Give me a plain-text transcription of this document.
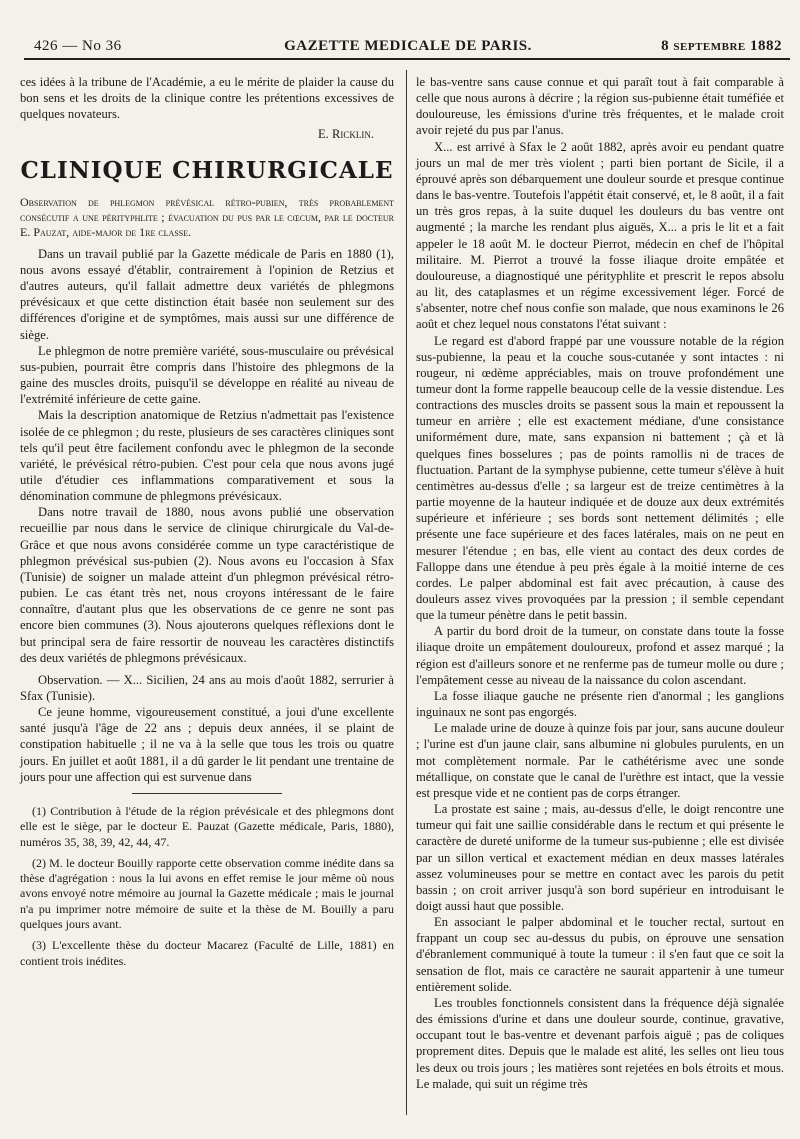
426 — No 36	GAZETTE MEDICALE DE PARIS.	8 septembre 1882

ces idées à la tribune de l'Académie, a eu le mérite de plaider la cause du bon sens et les droits de la clinique contre les prétentions excessives de quelques novateurs.

E. Ricklin.

CLINIQUE CHIRURGICALE

Observation de phlegmon prévésical rétro-pubien, très probablement consécutif a une pérityphlite ; évacuation du pus par le cœcum, par le docteur E. Pauzat, aide-major de 1re classe.

Dans un travail publié par la Gazette médicale de Paris en 1880 (1), nous avons essayé d'établir, contrairement à l'opinion de Retzius et d'autres auteurs, qu'il fallait admettre deux variétés de phlegmons prévésicaux et que cette distinction était basée non seulement sur des différences d'origine et de symptômes, mais aussi sur une différence de siège.

Le phlegmon de notre première variété, sous-musculaire ou prévésical sus-pubien, pourrait être compris dans l'histoire des phlegmons de la gaine des muscles droits, puisqu'il se développe en réalité au niveau de l'extrémité inférieure de cette gaine.

Mais la description anatomique de Retzius n'admettait pas l'existence isolée de ce phlegmon ; du reste, plusieurs de ses caractères cliniques sont tels qu'il peut être facilement confondu avec le phlegmon de la seconde variété, le prévésical rétro-pubien. C'est pour cela que nous avons jugé utile d'étudier ces inflammations comparativement et sous la dénomination commune de phlegmons prévésicaux.

Dans notre travail de 1880, nous avons publié une observation recueillie par nous dans le service de clinique chirurgicale du Val-de-Grâce et que nous avons considérée comme un type caractéristique de phlegmon prévésical sus-pubien (2). Nous avons eu l'occasion à Sfax (Tunisie) de soigner un malade atteint d'un phlegmon prévésical rétro-pubien. Le cas étant très net, nous croyons intéressant de le faire connaître, d'autant plus que les observations de ce genre ne sont pas encore bien communes (3). Nous ajouterons quelques réflexions dont le but principal sera de faire ressortir de nouveau les caractères distinctifs des deux variétés de phlegmons prévésicaux.

Observation. — X... Sicilien, 24 ans au mois d'août 1882, serrurier à Sfax (Tunisie).

Ce jeune homme, vigoureusement constitué, a joui d'une excellente santé jusqu'à l'âge de 22 ans ; depuis deux années, il se plaint de constipation habituelle ; il ne va à la selle que tous les trois ou quatre jours. En juillet et août 1881, il a dû garder le lit pendant une trentaine de jours pour une affection qui est survenue dans

(1) Contribution à l'étude de la région prévésicale et des phlegmons dont elle est le siège, par le docteur E. Pauzat (Gazette médicale, Paris, 1880), numéros 35, 38, 39, 42, 44, 47.

(2) M. le docteur Bouilly rapporte cette observation comme inédite dans sa thèse d'agrégation : nous la lui avons en effet remise le jour même où nous avons envoyé notre mémoire au journal la Gazette médicale ; mais le journal n'a pu imprimer notre mémoire de suite et la thèse de M. Bouilly a paru quelques jours avant.

(3) L'excellente thèse du docteur Macarez (Faculté de Lille, 1881) en contient trois inédites.

le bas-ventre sans cause connue et qui paraît tout à fait comparable à celle que nous aurons à décrire ; la région sus-pubienne était tuméfiée et douloureuse, les émissions d'urine très fréquentes, et le malade croit avoir rejeté du pus par l'anus.

X... est arrivé à Sfax le 2 août 1882, après avoir eu pendant quatre jours un mal de mer très violent ; parti bien portant de Sicile, il a éprouvé après son débarquement une douleur sourde et presque continue dans le bas-ventre. Toutefois l'appétit était conservé, et, le 8 août, il a fait un très gros repas, à la suite duquel les douleurs du bas ventre ont augmenté ; la marche les rendant plus aiguës, X... a pris le lit et a fait appeler le 18 août M. le docteur Pierrot, médecin en chef de l'hôpital militaire. M. Pierrot a trouvé la fosse iliaque droite empâtée et douloureuse, a diagnostiqué une pérityphlite et prescrit le repos absolu au lit, des cataplasmes et un régime excessivement léger. Forcé de s'absenter, notre chef nous confie son malade, que nous examinons le 26 août et chez lequel nous constatons l'état suivant :

Le regard est d'abord frappé par une voussure notable de la région sus-pubienne, la peau et la couche sous-cutanée y sont intactes : ni rougeur, ni œdème appréciables, mais on trouve profondément une tumeur dont la forme rappelle beaucoup celle de la vessie distendue. Les contractions des muscles droits se passent sous la main et repoussent la tumeur en arrière ; elle est exactement médiane, d'une consistance uniformément dure, mate, sans expansion ni battement ; çà et là quelques fines bosselures ; pas de points ramollis ni de traces de fluctuation. Partant de la symphyse pubienne, cette tumeur s'élève à huit centimètres au-dessus d'elle ; sa largeur est de treize centimètres à la partie moyenne de la hauteur indiquée et de douze aux deux extrémités supérieure et inférieure ; ses bords sont nettement délimités ; elle présente une face supérieure et des faces latérales, mais on ne peut en mesurer l'étendue ; en bas, elle vient au contact des deux cordes de Falloppe dans une étendue à peu près égale à la moitié interne de ces cordes. Le palper abdominal est fait avec précaution, à cause des douleurs assez vives provoquées par la pression ; il semble cependant que la tumeur pénètre dans le petit bassin.

A partir du bord droit de la tumeur, on constate dans toute la fosse iliaque droite un empâtement douloureux, profond et assez marqué ; la région est d'ailleurs sonore et ne renferme pas de tumeur molle ou dure ; l'empâtement cesse au niveau de la naissance du colon ascendant.

La fosse iliaque gauche ne présente rien d'anormal ; les ganglions inguinaux ne sont pas engorgés.

Le malade urine de douze à quinze fois par jour, sans aucune douleur ; l'urine est d'un jaune clair, sans albumine ni globules purulents, en un mot complètement normale. Par le cathétérisme avec une sonde métallique, on constate que le canal de l'urèthre est intact, que la vessie est presque vide et ne contient pas de corps étranger.

La prostate est saine ; mais, au-dessus d'elle, le doigt rencontre une tumeur qui fait une saillie considérable dans le rectum et qui présente le caractère de dureté uniforme de la tumeur sus-pubienne ; elle est divisée par un sillon vertical et exactement médian en deux masses latérales assez volumineuses pour se mettre en contact avec les parois du petit bassin ; on croit arriver jusqu'à son bord supérieur en introduisant le doigt aussi haut que possible.

En associant le palper abdominal et le toucher rectal, surtout en frappant un coup sec au-dessus du pubis, on éprouve une sensation d'ébranlement communiqué à toute la tumeur : il s'en faut que ce soit la sensation de flot, mais ce caractère ne saurait appartenir à une tumeur entièrement solide.

Les troubles fonctionnels consistent dans la fréquence déjà signalée des émissions d'urine et dans une douleur sourde, continue, gravative, occupant tout le bas-ventre et devenant parfois aiguë ; pas de coliques proprement dites. Depuis que le malade est alité, les selles ont lieu tous les deux ou trois jours ; les matières sont rejetées en bols étroits et mous. Le malade, qui suit un régime très
